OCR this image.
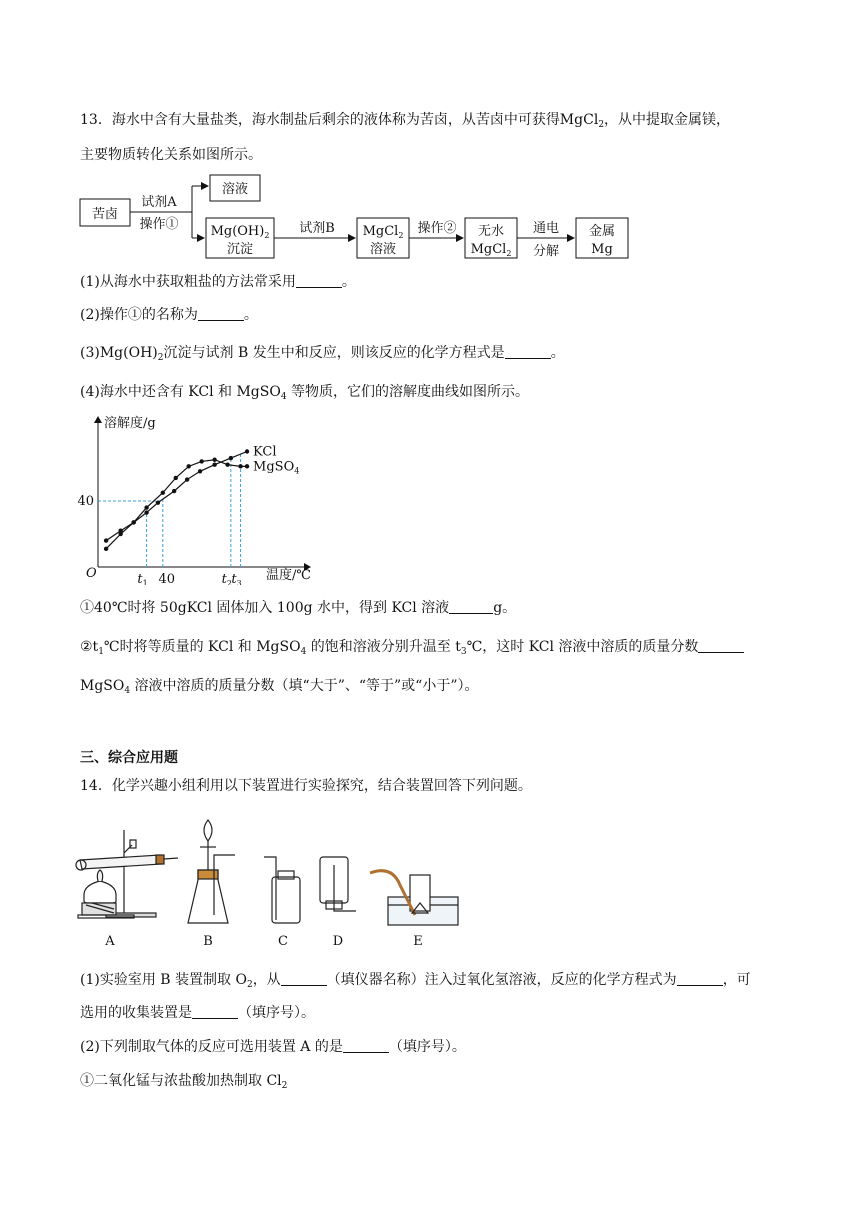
13．海水中含有大量盐类，海水制盐后剩余的液体称为苦卤，从苦卤中可获得MgCl$_2$，从中提取金属镁，
主要物质转化关系如图所示。
苦卤
试剂A
操作①
溶液
$Mg(OH)_2$
沉淀
试剂B MgCl$_2$
溶液
操作② 无水
MgCl$_2$
通电
分解
金属
Mg
(1)从海水中获取粗盐的方法常采用	。
(2)操作①的名称为	。
$(3)Mg(OH)_2$沉淀与试剂 B 发生中和反应，则该反应的化学方程式是	。
(4)海水中还含有 KCl 和 MgSO$_4$ 等物质，它们的溶解度曲线如图所示。
KCl
MgSO$_4$
40
$t_1$ 40	$t_2$ $t_3$
溶解度/g
温度/℃
O
①40℃时将 50gKCl 固体加入 100g 水中，得到 KCl 溶液	g。
$②t_1℃$时将等质量的 KCl 和 MgSO$_4$ 的饱和溶液分别升温至 $t_3℃$，这时 KCl 溶液中溶质的质量分数
MgSO$_4$ 溶液中溶质的质量分数（填“大于”、“等于”或“小于”）。
三、综合应用题
14．化学兴趣小组利用以下装置进行实验探究，结合装置回答下列问题。
A	B	C	D	E
(1)实验室用 B 装置制取 $O_2$，从	（填仪器名称）注入过氧化氢溶液，反应的化学方程式为	，可
选用的收集装置是	（填序号）。
(2)下列制取气体的反应可选用装置 A 的是	（填序号）。
①二氧化锰与浓盐酸加热制取 $Cl_2$
